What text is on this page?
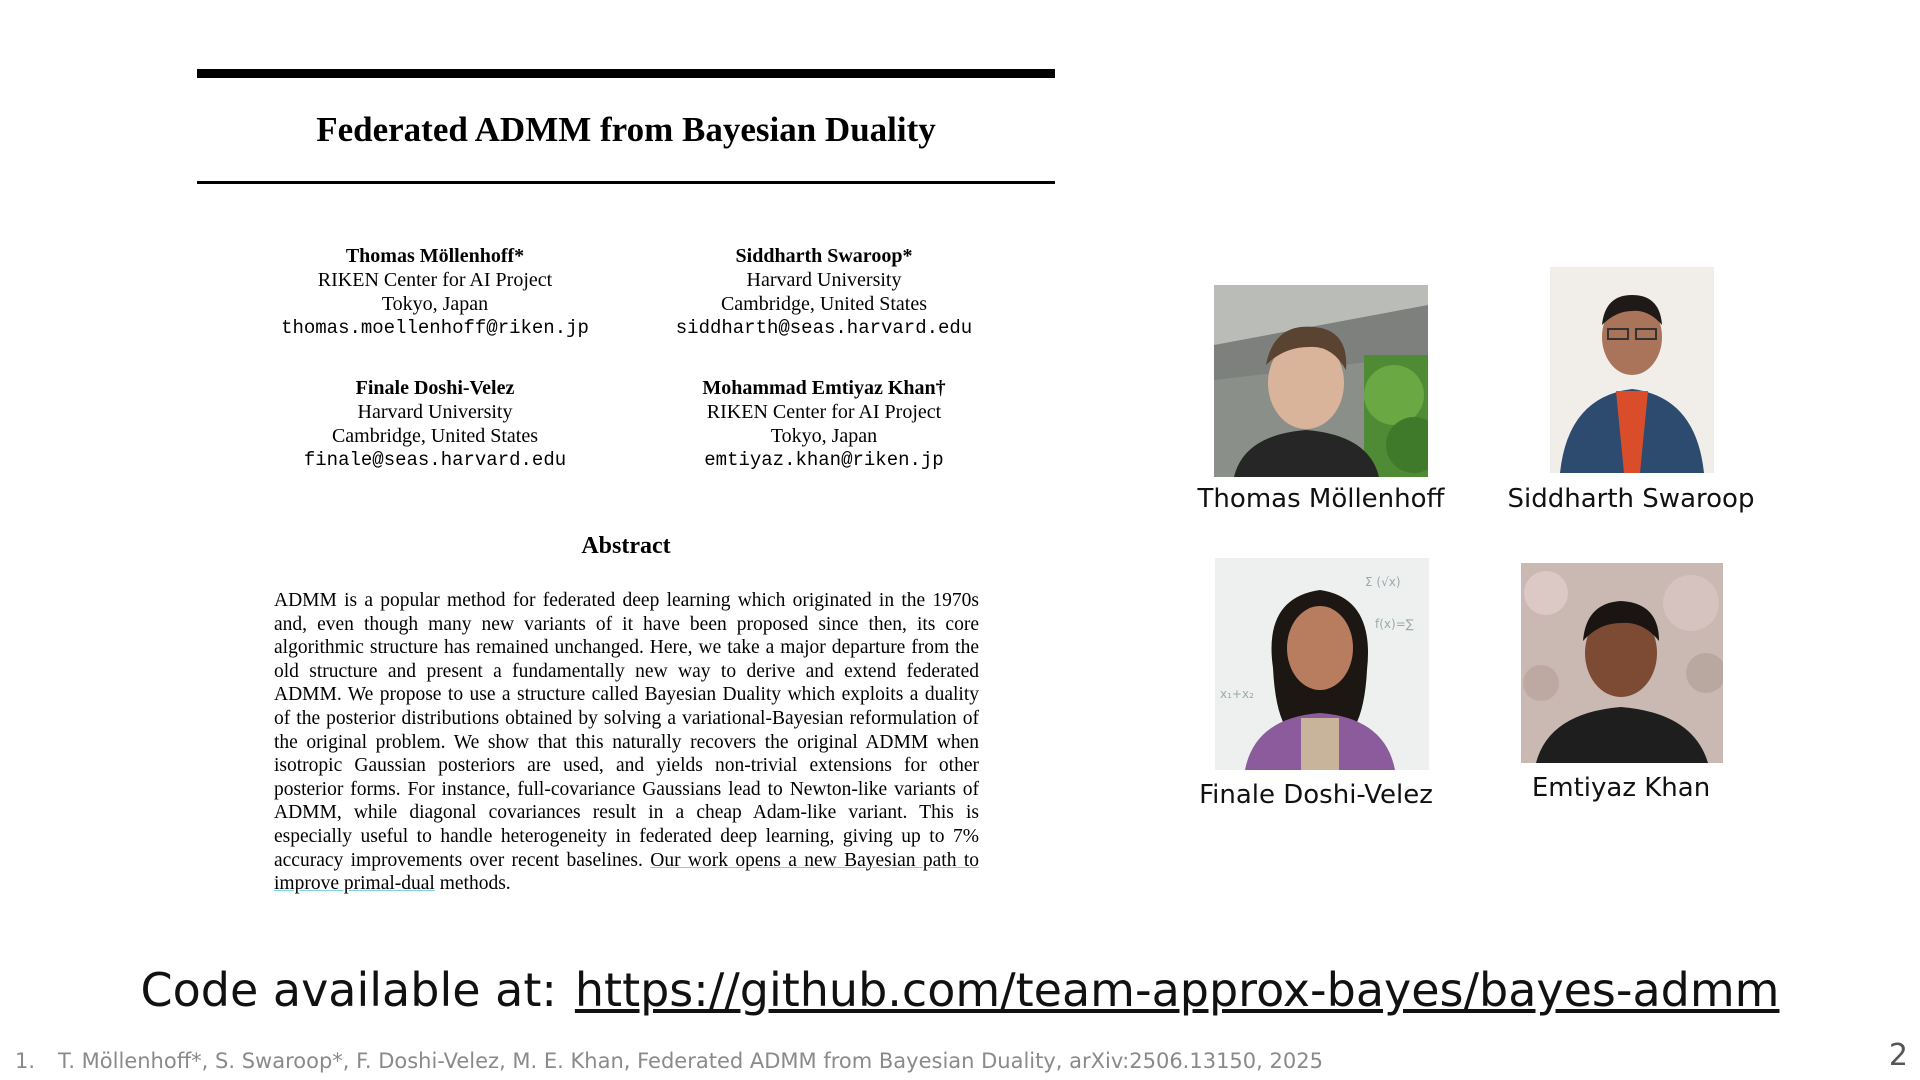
Federated ADMM from Bayesian Duality
Thomas Möllenhoff*
RIKEN Center for AI Project
Tokyo, Japan
thomas.moellenhoff@riken.jp
Siddharth Swaroop*
Harvard University
Cambridge, United States
siddharth@seas.harvard.edu
Finale Doshi-Velez
Harvard University
Cambridge, United States
finale@seas.harvard.edu
Mohammad Emtiyaz Khan†
RIKEN Center for AI Project
Tokyo, Japan
emtiyaz.khan@riken.jp
Abstract
ADMM is a popular method for federated deep learning which originated in the 1970s and, even though many new variants of it have been proposed since then, its core algorithmic structure has remained unchanged. Here, we take a major departure from the old structure and present a fundamentally new way to derive and extend federated ADMM. We propose to use a structure called Bayesian Duality which exploits a duality of the posterior distributions obtained by solving a variational-Bayesian reformulation of the original problem. We show that this naturally recovers the original ADMM when isotropic Gaussian posteriors are used, and yields non-trivial extensions for other posterior forms. For instance, full-covariance Gaussians lead to Newton-like variants of ADMM, while diagonal covariances result in a cheap Adam-like variant. This is especially useful to handle heterogeneity in federated deep learning, giving up to 7% accuracy improvements over recent baselines. Our work opens a new Bayesian path to improve primal-dual methods.
Thomas Möllenhoff Siddharth Swaroop
Σ (√x)
f(x)=∑
x₁+x₂
Finale Doshi-Velez	Emtiyaz Khan
Code available at: https://github.com/team-approx-bayes/bayes-admm
1. T. Möllenhoff*, S. Swaroop*, F. Doshi-Velez, M. E. Khan, Federated ADMM from Bayesian Duality, arXiv:2506.13150, 2025	2
